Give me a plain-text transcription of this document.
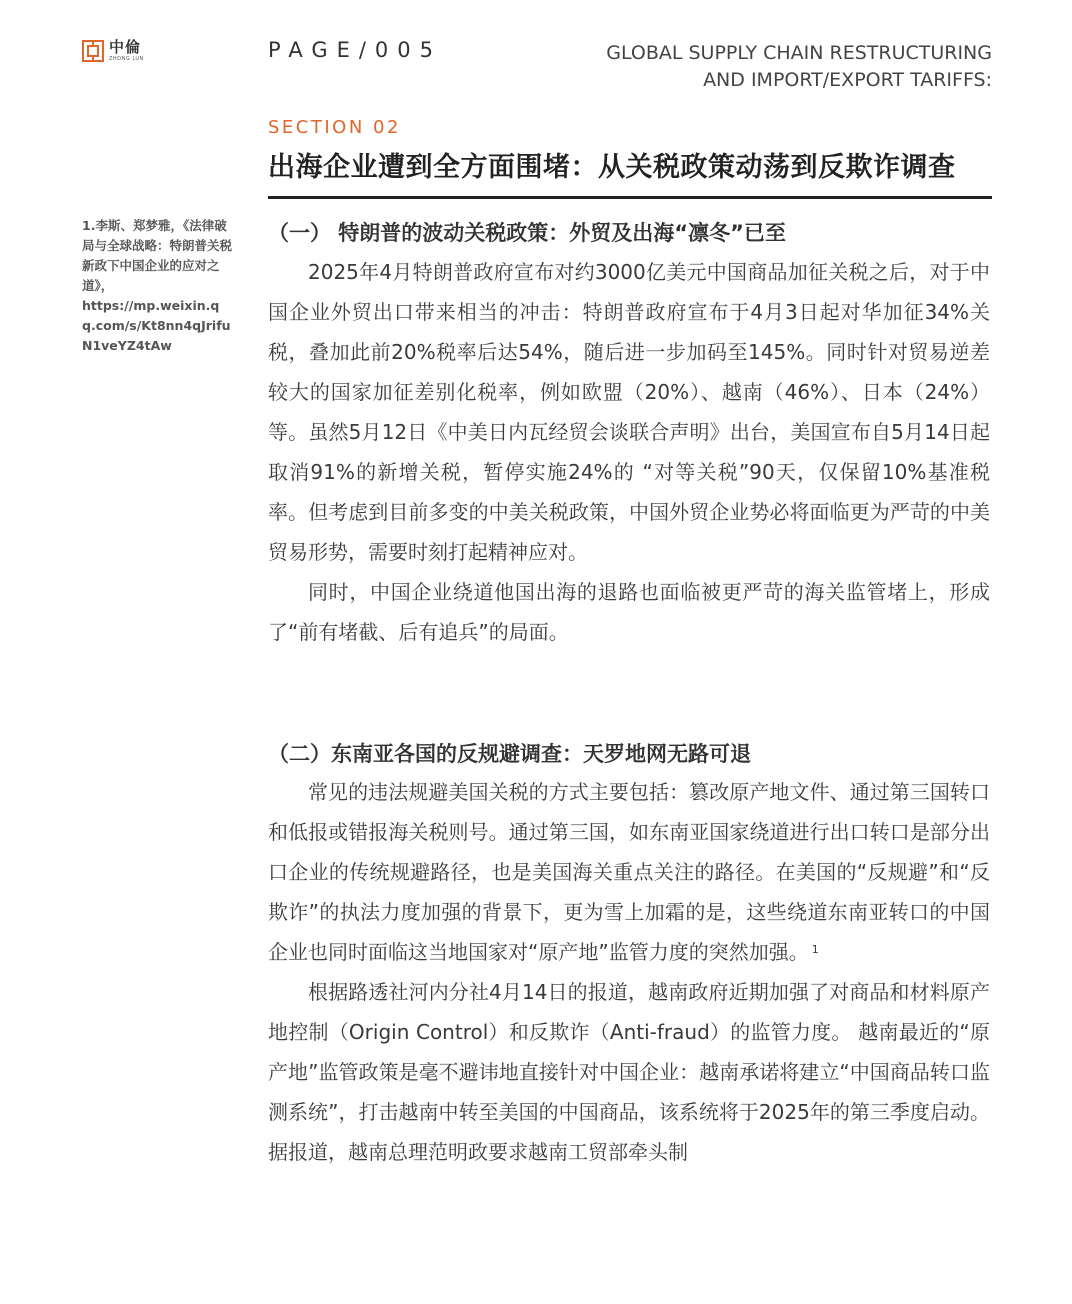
中倫
ZHONG LUN	PAGE/005	GLOBAL SUPPLY CHAIN RESTRUCTURING
AND IMPORT/EXPORT TARIFFS:
SECTION 02
出海企业遭到全方面围堵：从关税政策动荡到反欺诈调查

1.李斯、郑梦雅，《法律破局与全球战略：特朗普关税新政下中国企业的应对之道》，

https://mp.weixin.qq.com/s/Kt8nn4qJrifuN1veYZ4tAw

（一） 特朗普的波动关税政策：外贸及出海“凛冬”已至

2025年4月特朗普政府宣布对约3000亿美元中国商品加征关税之后，对于中国企业外贸出口带来相当的冲击：特朗普政府宣布于4月3日起对华加征34%关税，叠加此前20%税率后达54%，随后进一步加码至145%。同时针对贸易逆差较大的国家加征差别化税率，例如欧盟（20%）、越南（46%）、日本（24%）等。虽然5月12日《中美日内瓦经贸会谈联合声明》出台，美国宣布自5月14日起取消91%的新增关税，暂停实施24%的 “对等关税”90天，仅保留10%基准税率。但考虑到目前多变的中美关税政策，中国外贸企业势必将面临更为严苛的中美贸易形势，需要时刻打起精神应对。

同时，中国企业绕道他国出海的退路也面临被更严苛的海关监管堵上，形成了“前有堵截、后有追兵”的局面。

（二）东南亚各国的反规避调查：天罗地网无路可退

常见的违法规避美国关税的方式主要包括：篡改原产地文件、通过第三国转口和低报或错报海关税则号。通过第三国，如东南亚国家绕道进行出口转口是部分出口企业的传统规避路径，也是美国海关重点关注的路径。在美国的“反规避”和“反欺诈”的执法力度加强的背景下，更为雪上加霜的是，这些绕道东南亚转口的中国企业也同时面临这当地国家对“原产地”监管力度的突然加强。 $^1$

根据路透社河内分社4月14日的报道，越南政府近期加强了对商品和材料原产地控制（Origin Control）和反欺诈（Anti-fraud）的监管力度。 越南最近的“原产地”监管政策是毫不避讳地直接针对中国企业：越南承诺将建立“中国商品转口监测系统”，打击越南中转至美国的中国商品，该系统将于2025年的第三季度启动。据报道，越南总理范明政要求越南工贸部牵头制
